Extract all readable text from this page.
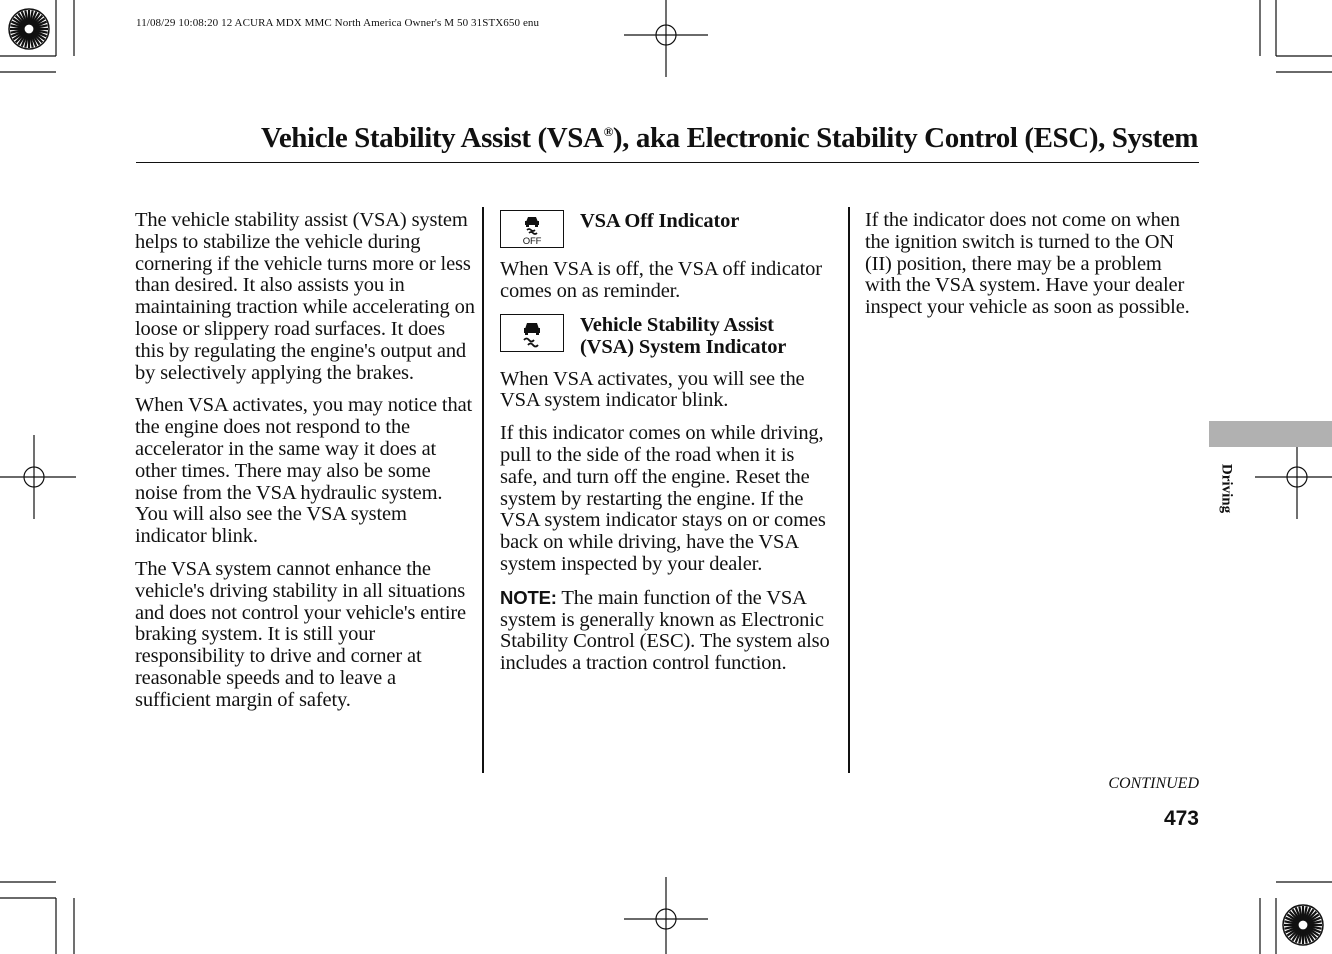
11/08/29 10:08:20 12 ACURA MDX MMC North America Owner's M 50 31STX650 enu
Vehicle Stability Assist (VSA®), aka Electronic Stability Control (ESC), System

The vehicle stability assist (VSA) system helps to stabilize the vehicle during cornering if the vehicle turns more or less than desired. It also assists you in maintaining traction while accelerating on loose or slippery road surfaces. It does this by regulating the engine's output and by selectively applying the brakes.

When VSA activates, you may notice that the engine does not respond to the accelerator in the same way it does at other times. There may also be some noise from the VSA hydraulic system. You will also see the VSA system indicator blink.

The VSA system cannot enhance the vehicle's driving stability in all situations and does not control your vehicle's entire braking system. It is still your responsibility to drive and corner at reasonable speeds and to leave a sufficient margin of safety.

OFF
VSA Off Indicator

When VSA is off, the VSA off indicator comes on as reminder.

Vehicle Stability Assist
(VSA) System Indicator

When VSA activates, you will see the VSA system indicator blink.

If this indicator comes on while driving, pull to the side of the road when it is safe, and turn off the engine. Reset the system by restarting the engine. If the VSA system indicator stays on or comes back on while driving, have the VSA system inspected by your dealer.

NOTE: The main function of the VSA system is generally known as Electronic Stability Control (ESC). The system also includes a traction control function.

If the indicator does not come on when the ignition switch is turned to the ON (II) position, there may be a problem with the VSA system. Have your dealer inspect your vehicle as soon as possible.

Driving
CONTINUED
473
